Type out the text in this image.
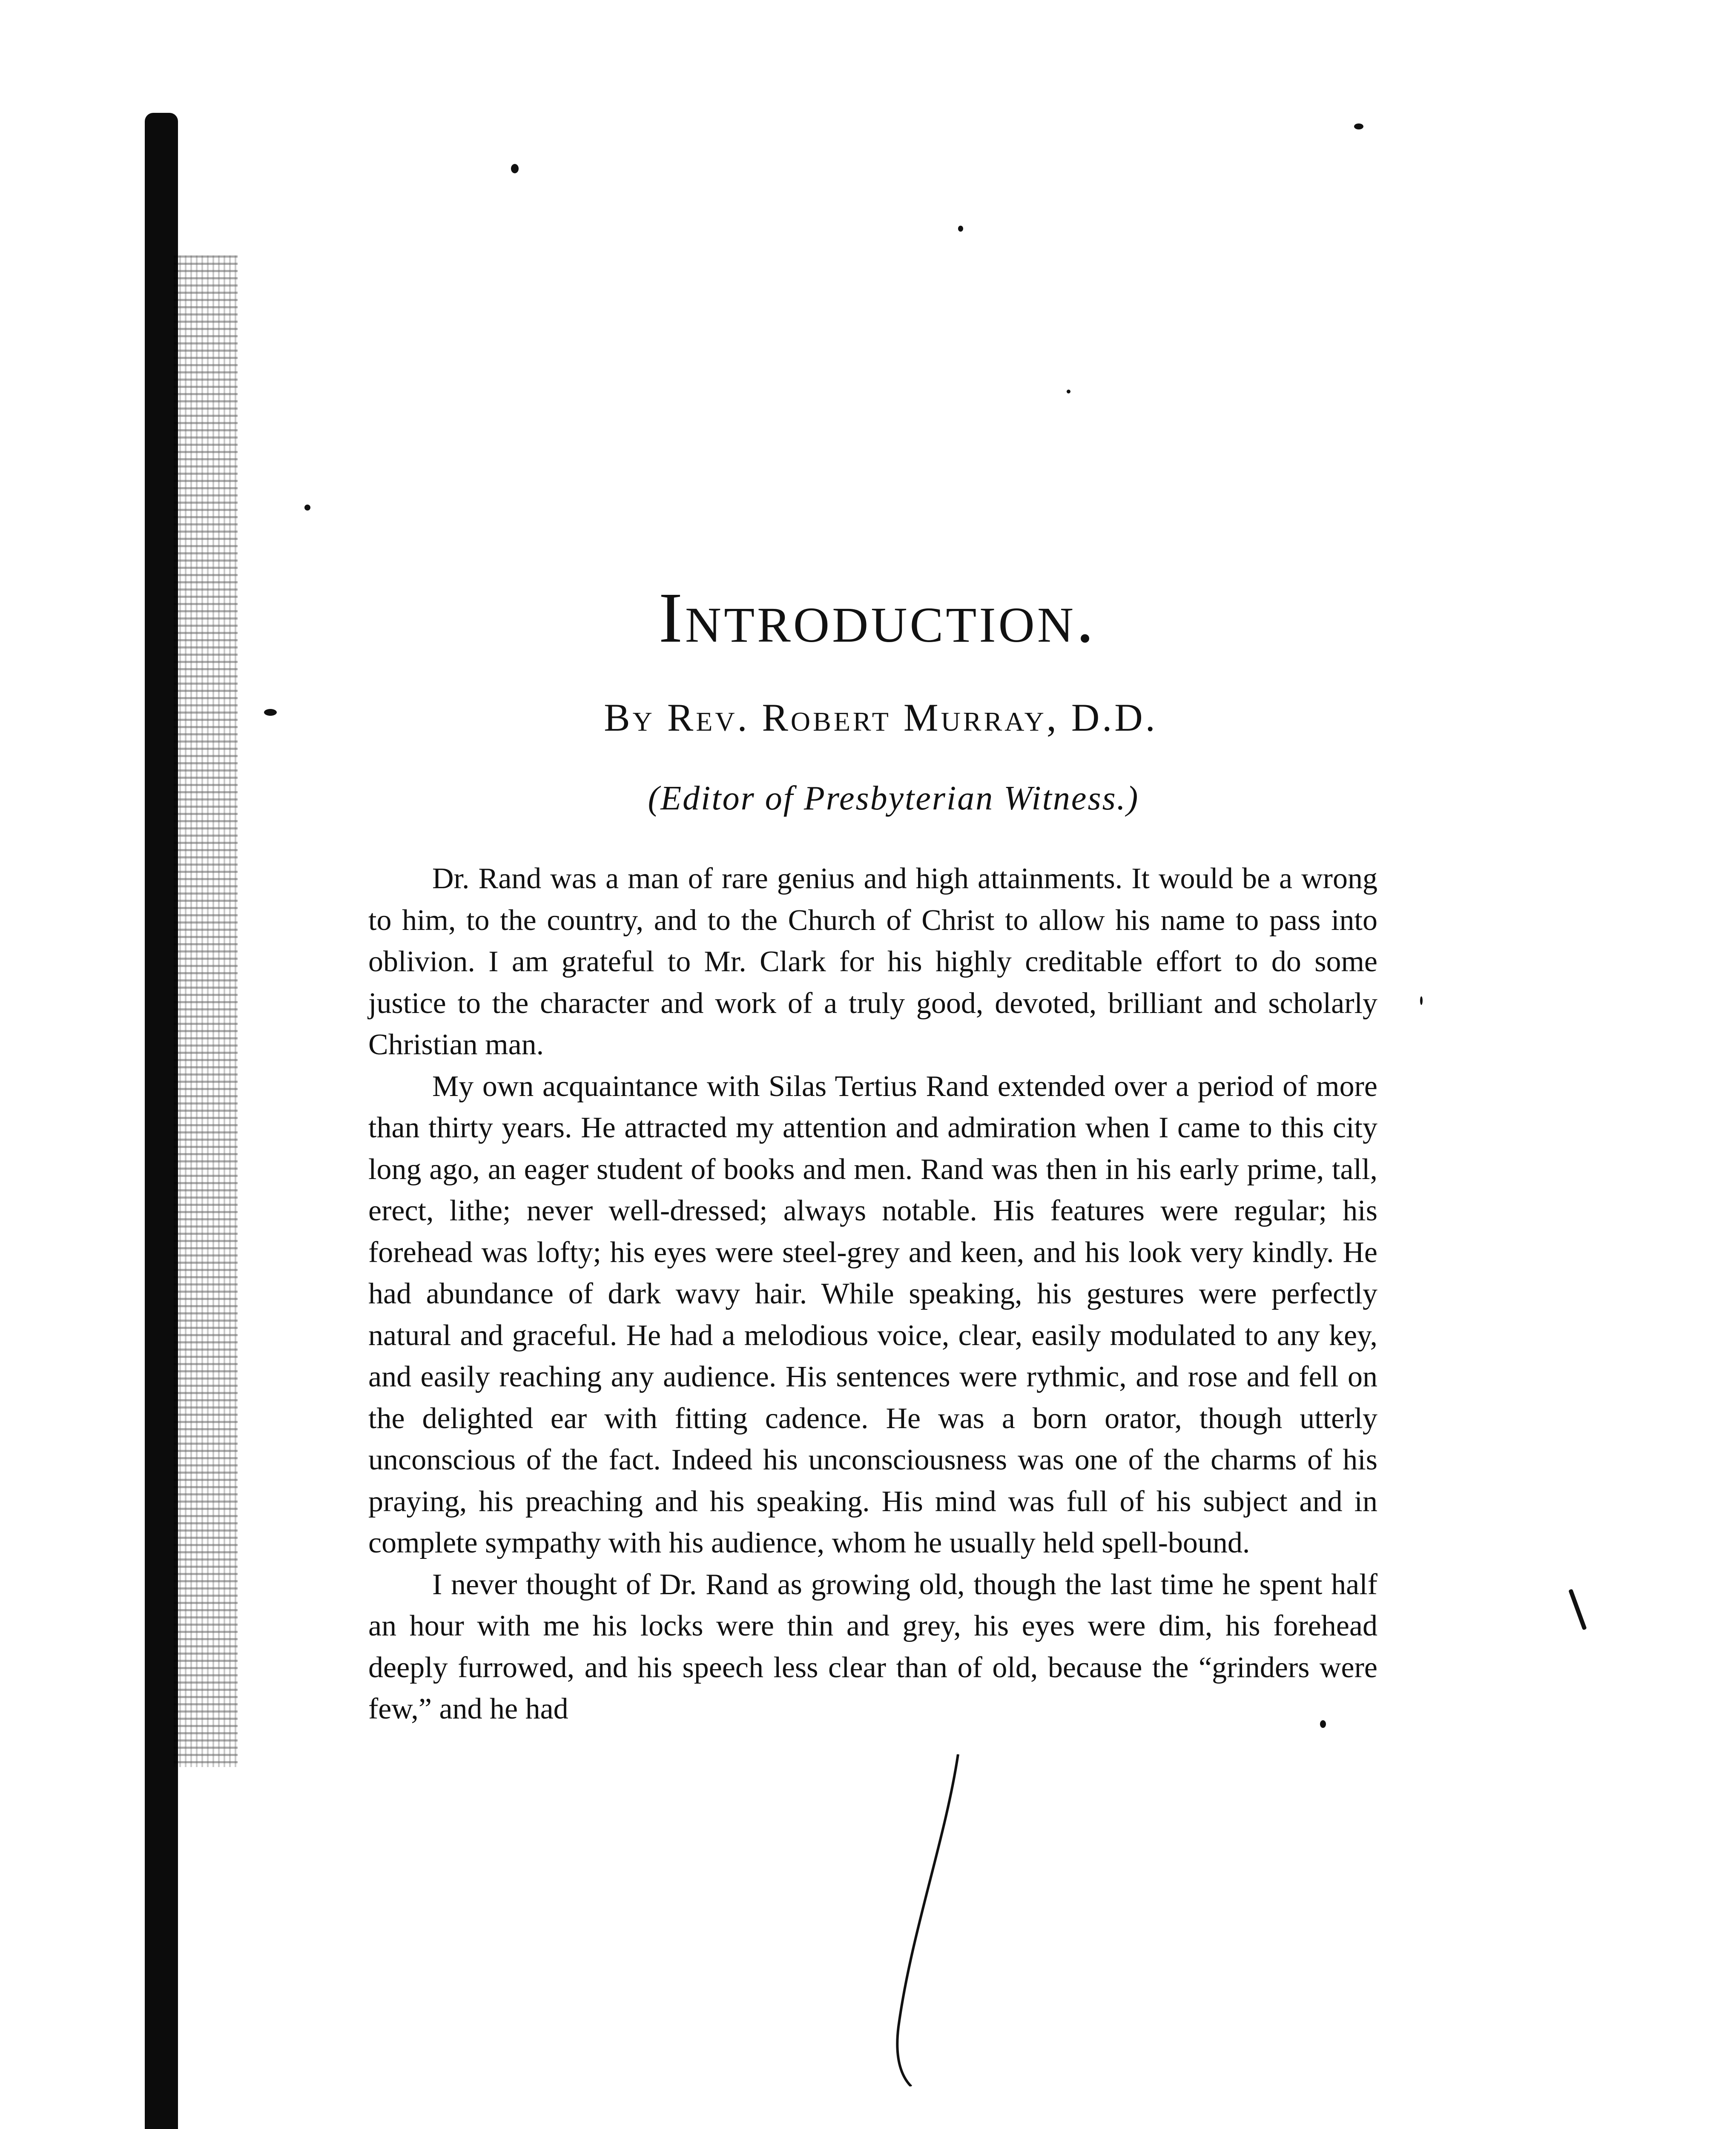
Introduction.
By Rev. Robert Murray, D.D.
(Editor of Presbyterian Witness.)

Dr. Rand was a man of rare genius and high attainments. It would be a wrong to him, to the country, and to the Church of Christ to allow his name to pass into oblivion. I am grateful to Mr. Clark for his highly creditable effort to do some justice to the character and work of a truly good, devoted, brilliant and scholarly Christian man.

My own acquaintance with Silas Tertius Rand extended over a period of more than thirty years. He attracted my attention and admiration when I came to this city long ago, an eager student of books and men. Rand was then in his early prime, tall, erect, lithe; never well-dressed; always notable. His features were regular; his forehead was lofty; his eyes were steel-grey and keen, and his look very kindly. He had abundance of dark wavy hair. While speaking, his gestures were perfectly natural and graceful. He had a melodious voice, clear, easily modulated to any key, and easily reaching any audience. His sentences were rythmic, and rose and fell on the delighted ear with fitting cadence. He was a born orator, though utterly unconscious of the fact. Indeed his unconsciousness was one of the charms of his praying, his preaching and his speaking. His mind was full of his subject and in complete sympathy with his audience, whom he usually held spell-bound.

I never thought of Dr. Rand as growing old, though the last time he spent half an hour with me his locks were thin and grey, his eyes were dim, his forehead deeply furrowed, and his speech less clear than of old, because the “grinders were few,” and he had
